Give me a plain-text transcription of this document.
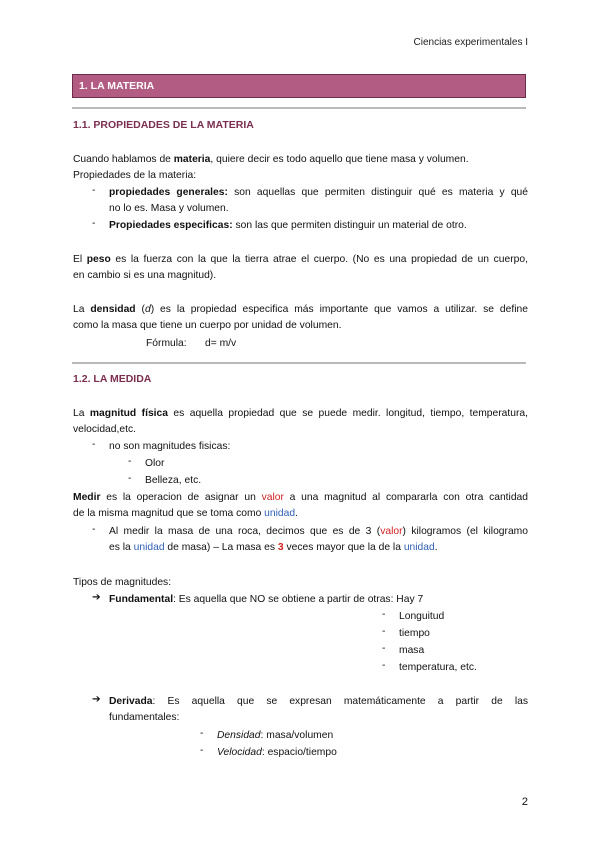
Ciencias experimentales I
1. LA MATERIA
1.1. PROPIEDADES DE LA MATERIA
Cuando hablamos de materia, quiere decir es todo aquello que tiene masa y volumen.
Propiedades de la materia:
- propiedades generales: son aquellas que permiten distinguir qué es materia y qué
no lo es. Masa y volumen.
- Propiedades especificas: son las que permiten distinguir un material de otro.
El peso es la fuerza con la que la tierra atrae el cuerpo. (No es una propiedad de un cuerpo,
en cambio si es una magnitud).
La densidad (d) es la propiedad especifica más importante que vamos a utilizar. se define
como la masa que tiene un cuerpo por unidad de volumen.
Fórmula:	d= m/v
1.2. LA MEDIDA
La magnitud física es aquella propiedad que se puede medir. longitud, tiempo, temperatura,
velocidad,etc.
- no son magnitudes fisicas:
- Olor
- Belleza, etc.
Medir es la operacion de asignar un valor a una magnitud al compararla con otra cantidad
de la misma magnitud que se toma como unidad.
- Al medir la masa de una roca, decimos que es de 3 (valor) kilogramos (el kilogramo
es la unidad de masa) – La masa es 3 veces mayor que la de la unidad.
Tipos de magnitudes:
➔ Fundamental: Es aquella que NO se obtiene a partir de otras: Hay 7
- Longuitud
- tiempo
- masa
- temperatura, etc.
➔ Derivada: Es aquella que se expresan matemáticamente a partir de las
fundamentales:
- Densidad: masa/volumen
- Velocidad: espacio/tiempo
2
